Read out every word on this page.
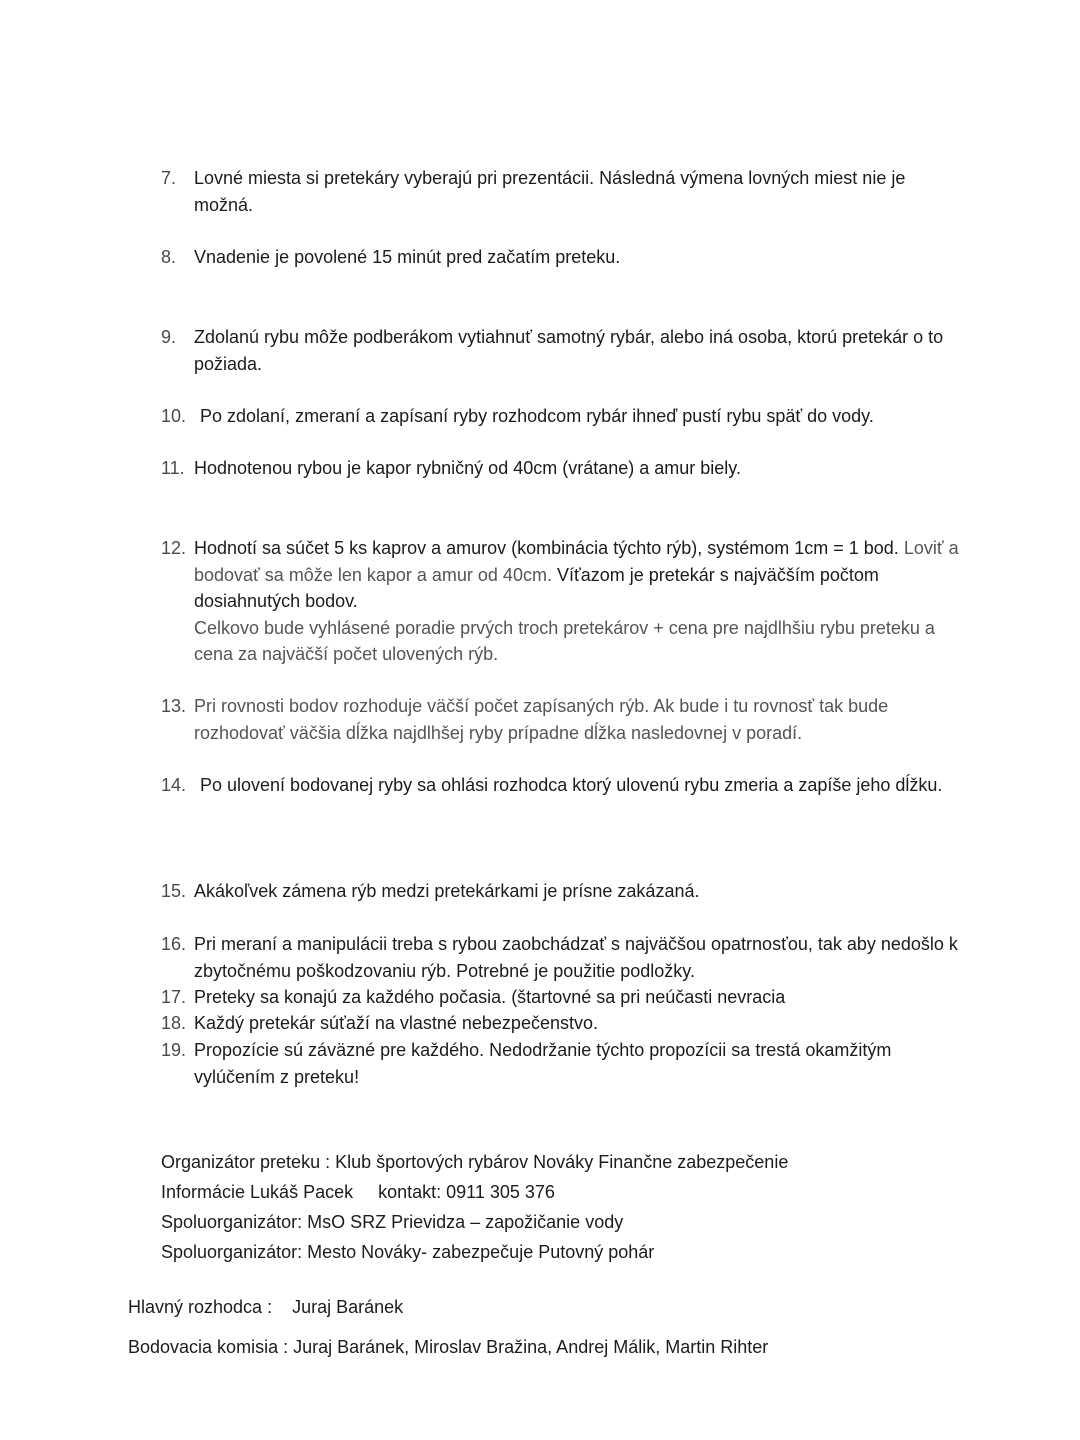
7. Lovné miesta si pretekáry vyberajú pri prezentácii. Následná výmena lovných miest nie je možná.
8. Vnadenie je povolené 15 minút pred začatím preteku.
9. Zdolanú rybu môže podberákom vytiahnuť samotný rybár, alebo iná osoba, ktorú pretekár o to požiada.
10. Po zdolaní, zmeraní a zapísaní ryby rozhodcom rybár ihneď pustí rybu späť do vody.
11. Hodnotenou rybou je kapor rybničný od 40cm (vrátane) a amur biely.
12. Hodnotí sa súčet 5 ks kaprov a amurov (kombinácia týchto rýb), systémom 1cm = 1 bod. Loviť a bodovať sa môže len kapor a amur od 40cm. Víťazom je pretekár s najväčším počtom dosiahnutých bodov.
Celkovo bude vyhlásené poradie prvých troch pretekárov + cena pre najdlhšiu rybu preteku a cena za najväčší počet ulovených rýb.
13. Pri rovnosti bodov rozhoduje väčší počet zapísaných rýb. Ak bude i tu rovnosť tak bude rozhodovať väčšia dĺžka najdlhšej ryby prípadne dĺžka nasledovnej v poradí.
14. Po ulovení bodovanej ryby sa ohlási rozhodca ktorý ulovenú rybu zmeria a zapíše jeho dĺžku.
15. Akákoľvek zámena rýb medzi pretekárkami je prísne zakázaná.
16. Pri meraní a manipulácii treba s rybou zaobchádzať s najväčšou opatrnosťou, tak aby nedošlo k zbytočnému poškodzovaniu rýb. Potrebné je použitie podložky.
17. Preteky sa konajú za každého počasia. (štartovné sa pri neúčasti nevracia
18. Každý pretekár súťaží na vlastné nebezpečenstvo.
19. Propozície sú záväzné pre každého. Nedodržanie týchto propozícii sa trestá okamžitým vylúčením z preteku!
Organizátor preteku : Klub športových rybárov Nováky Finančne zabezpečenie
Informácie Lukáš Pacek     kontakt: 0911 305 376
Spoluorganizátor: MsO SRZ Prievidza – zapožičanie vody
Spoluorganizátor: Mesto Nováky- zabezpečuje Putovný pohár
Hlavný rozhodca :    Juraj Baránek
Bodovacia komisia : Juraj Baránek, Miroslav Bražina, Andrej Málik, Martin Rihter
